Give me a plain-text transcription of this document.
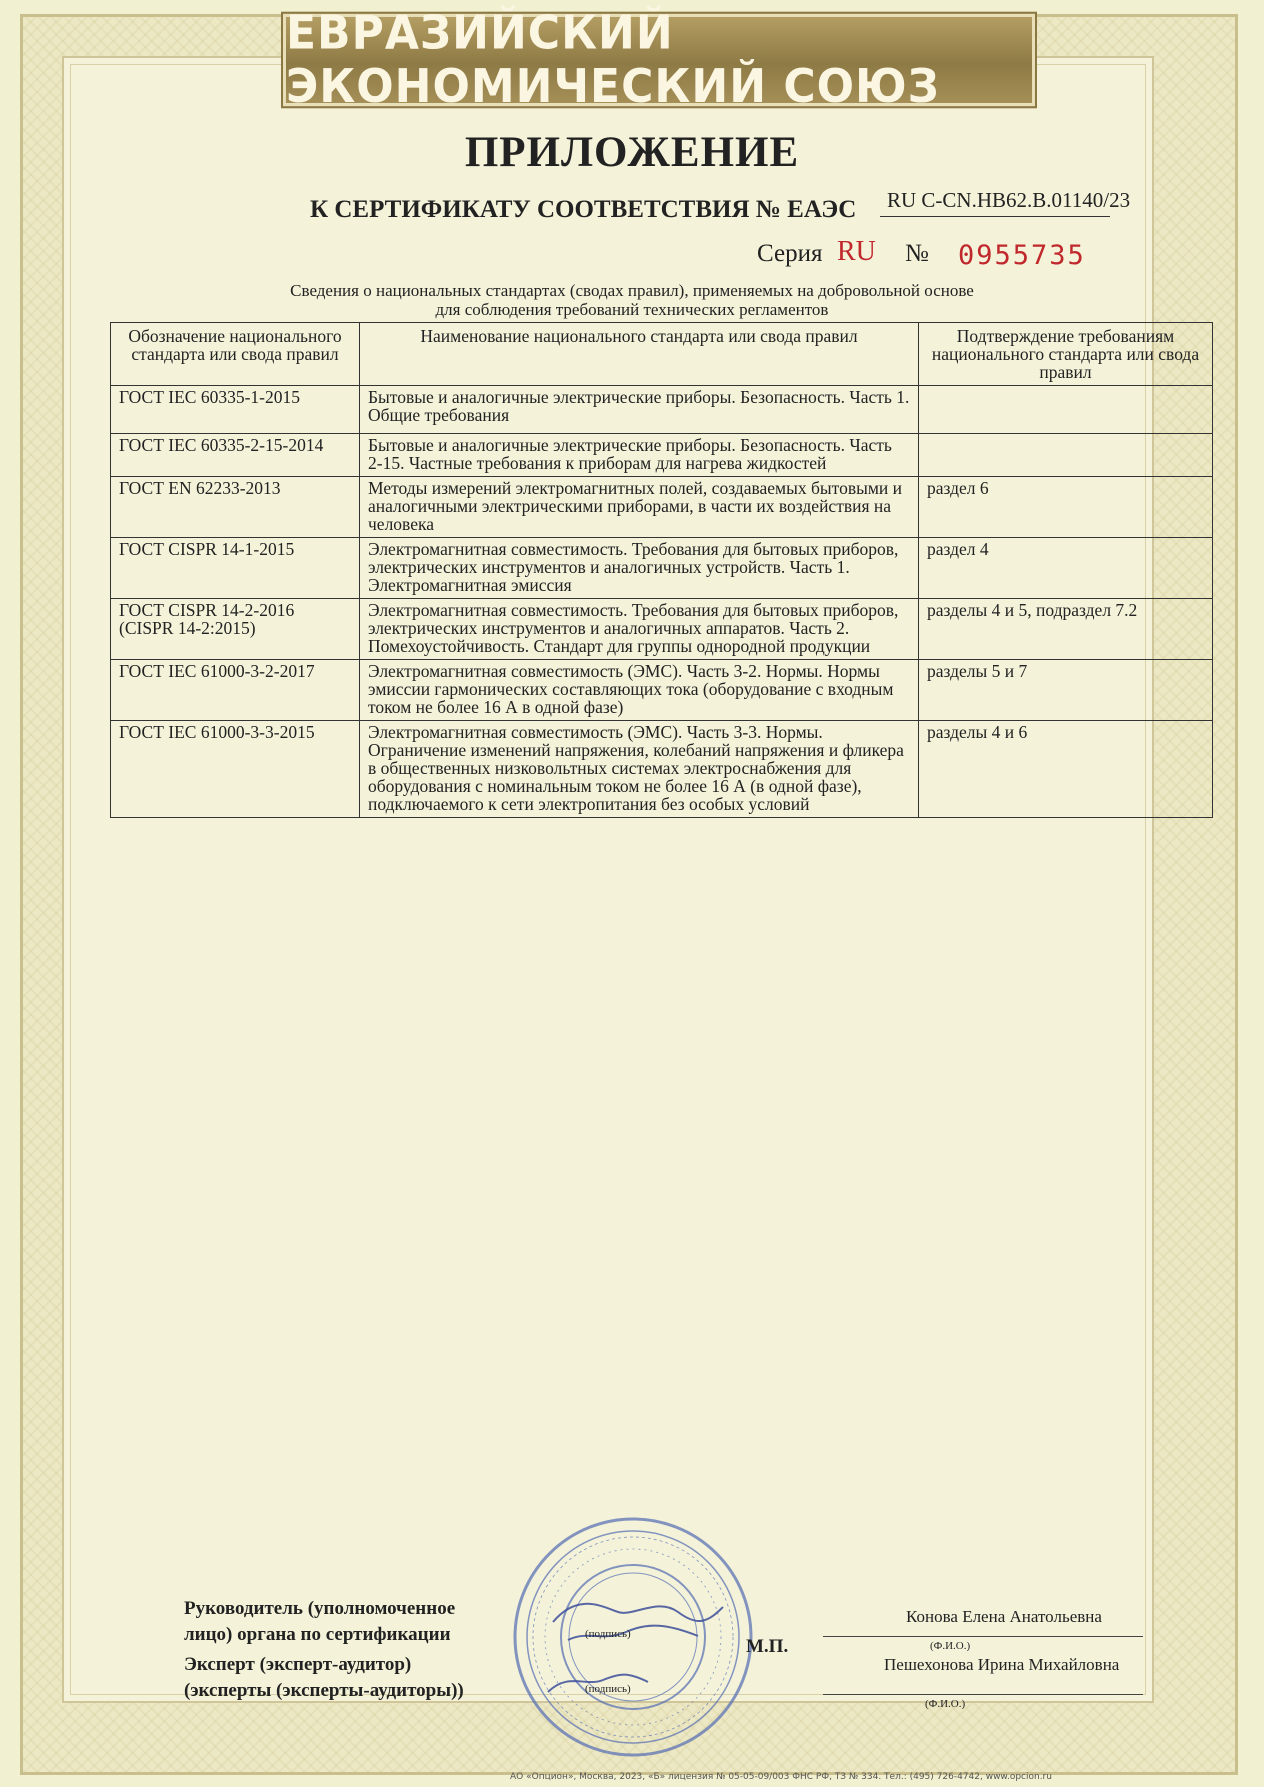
ЕВРАЗИЙСКИЙ ЭКОНОМИЧЕСКИЙ СОЮЗ
ПРИЛОЖЕНИЕ
К СЕРТИФИКАТУ СООТВЕТСТВИЯ № ЕАЭС RU C-CN.НВ62.В.01140/23
Серия RU № 0955735
Сведения о национальных стандартах (сводах правил), применяемых на добровольной основе
для соблюдения требований технических регламентов
Обозначение национального стандарта или свода правил	Наименование национального стандарта или свода правил	Подтверждение требованиям национального стандарта или свода правил
ГОСТ IEC 60335-1-2015	Бытовые и аналогичные электрические приборы. Безопасность. Часть 1. Общие требования	
ГОСТ IEC 60335-2-15-2014	Бытовые и аналогичные электрические приборы. Безопасность. Часть 2-15. Частные требования к приборам для нагрева жидкостей	
ГОСТ EN 62233-2013	Методы измерений электромагнитных полей, создаваемых бытовыми и аналогичными электрическими приборами, в части их воздействия на человека	раздел 6
ГОСТ CISPR 14-1-2015	Электромагнитная совместимость. Требования для бытовых приборов, электрических инструментов и аналогичных устройств. Часть 1. Электромагнитная эмиссия	раздел 4
ГОСТ CISPR 14-2-2016 (CISPR 14-2:2015)	Электромагнитная совместимость. Требования для бытовых приборов, электрических инструментов и аналогичных аппаратов. Часть 2. Помехоустойчивость. Стандарт для группы однородной продукции	разделы 4 и 5, подраздел 7.2
ГОСТ IEC 61000-3-2-2017	Электромагнитная совместимость (ЭМС). Часть 3-2. Нормы. Нормы эмиссии гармонических составляющих тока (оборудование с входным током не более 16 А в одной фазе)	разделы 5 и 7
ГОСТ IEC 61000-3-3-2015	Электромагнитная совместимость (ЭМС). Часть 3-3. Нормы. Ограничение изменений напряжения, колебаний напряжения и фликера в общественных низковольтных системах электроснабжения для оборудования с номинальным током не более 16 А (в одной фазе), подключаемого к сети электропитания без особых условий	разделы 4 и 6
Руководитель (уполномоченное
лицо) органа по сертификации
Эксперт (эксперт-аудитор)
(эксперты (эксперты-аудиторы))
(подпись)
(подпись)
М.П.
Конова Елена Анатольевна
(Ф.И.О.)
Пешехонова Ирина Михайловна
(Ф.И.О.)
АО «Опцион», Москва, 2023, «Б» лицензия № 05-05-09/003 ФНС РФ, ТЗ № 334. Тел.: (495) 726-4742, www.opcion.ru
